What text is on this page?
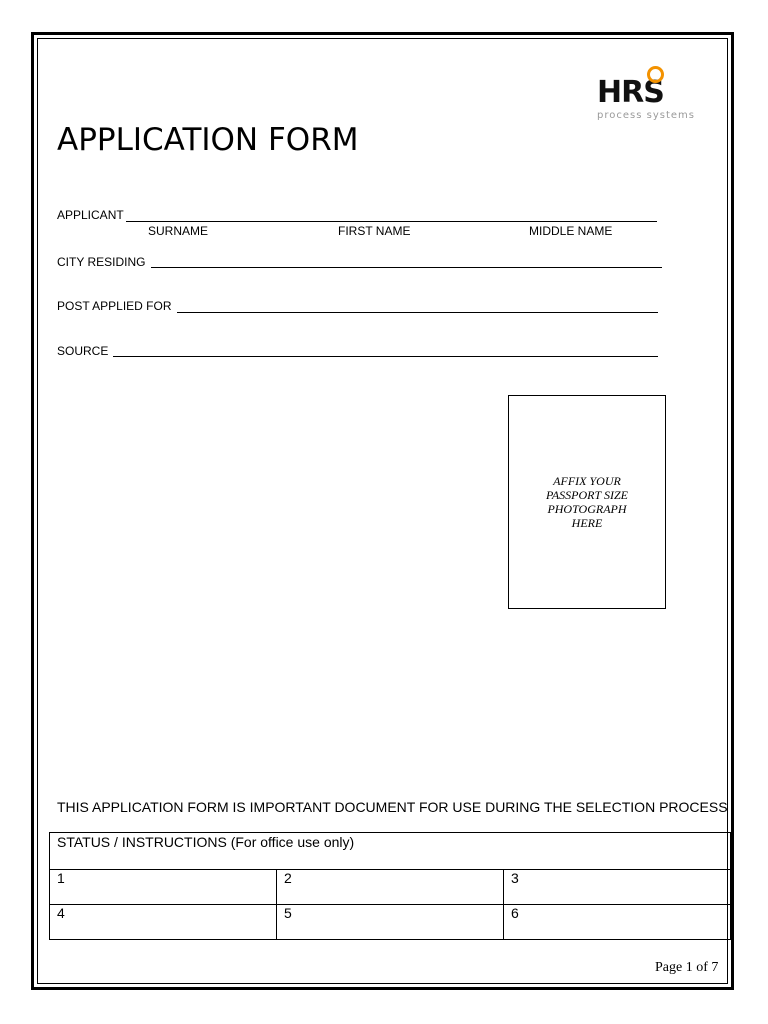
HRS
process systems
APPLICATION FORM
APPLICANT
SURNAME	FIRST NAME	MIDDLE NAME
CITY RESIDING
POST APPLIED FOR
SOURCE
AFFIX YOUR
PASSPORT SIZE
PHOTOGRAPH
HERE
THIS APPLICATION FORM IS IMPORTANT DOCUMENT FOR USE DURING THE SELECTION PROCESS
STATUS / INSTRUCTIONS (For office use only)		
1	2	3
4	5	6
Page 1 of 7
